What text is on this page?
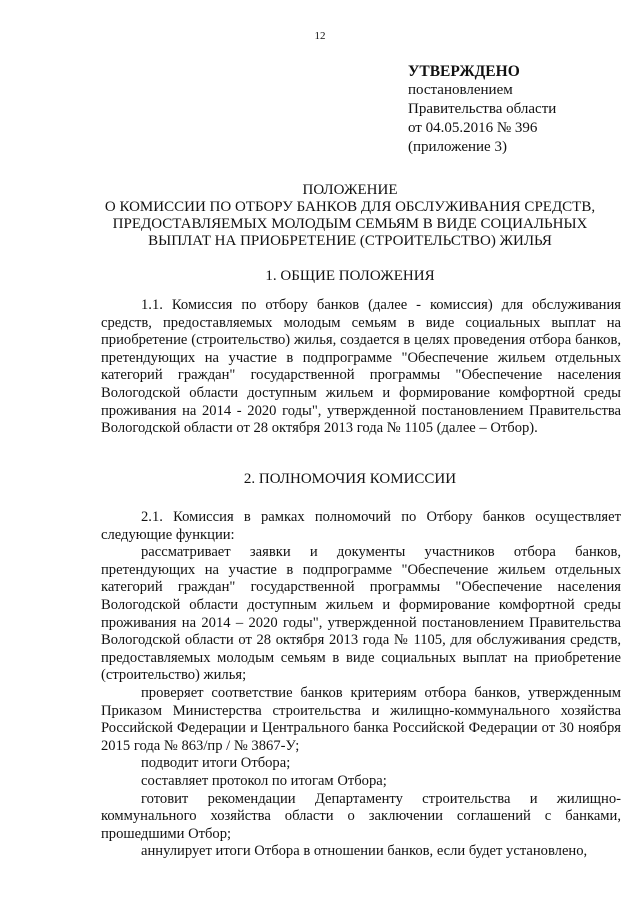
12
УТВЕРЖДЕНО
постановлением
Правительства области
от 04.05.2016 № 396
(приложение 3)
ПОЛОЖЕНИЕ
О КОМИССИИ ПО ОТБОРУ БАНКОВ ДЛЯ ОБСЛУЖИВАНИЯ СРЕДСТВ,
ПРЕДОСТАВЛЯЕМЫХ МОЛОДЫМ СЕМЬЯМ В ВИДЕ СОЦИАЛЬНЫХ
ВЫПЛАТ НА ПРИОБРЕТЕНИЕ (СТРОИТЕЛЬСТВО) ЖИЛЬЯ
1. ОБЩИЕ ПОЛОЖЕНИЯ

1.1. Комиссия по отбору банков (далее - комиссия) для обслуживания средств, предоставляемых молодым семьям в виде социальных выплат на приобретение (строительство) жилья, создается в целях проведения отбора банков, претендующих на участие в подпрограмме "Обеспечение жильем отдельных категорий граждан" государственной программы "Обеспечение населения Вологодской области доступным жильем и формирование комфортной среды проживания на 2014 - 2020 годы", утвержденной постановлением Правительства Вологодской области от 28 октября 2013 года № 1105 (далее – Отбор).

2. ПОЛНОМОЧИЯ КОМИССИИ

2.1. Комиссия в рамках полномочий по Отбору банков осуществляет следующие функции:

рассматривает заявки и документы участников отбора банков, претендующих на участие в подпрограмме "Обеспечение жильем отдельных категорий граждан" государственной программы "Обеспечение населения Вологодской области доступным жильем и формирование комфортной среды проживания на 2014 – 2020 годы", утвержденной постановлением Правительства Вологодской области от 28 октября 2013 года № 1105, для обслуживания средств, предоставляемых молодым семьям в виде социальных выплат на приобретение (строительство) жилья;

проверяет соответствие банков критериям отбора банков, утвержденным Приказом Министерства строительства и жилищно-коммунального хозяйства Российской Федерации и Центрального банка Российской Федерации от 30 ноября 2015 года № 863/пр / № 3867-У;

подводит итоги Отбора;

составляет протокол по итогам Отбора;

готовит рекомендации Департаменту строительства и жилищно-коммунального хозяйства области о заключении соглашений с банками, прошедшими Отбор;

аннулирует итоги Отбора в отношении банков, если будет установлено,
